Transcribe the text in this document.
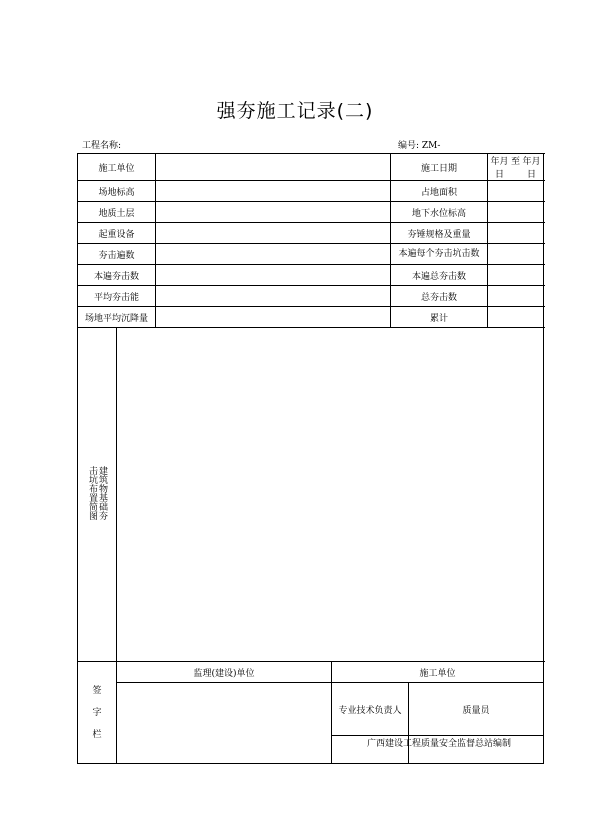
强夯施工记录(二)
工程名称:	编号: ZM-
施工单位				施工日期		年月日
至 年月日	

场地标高				占地面积			
地质土层				地下水位标高			
起重设备				夯锤规格及重量			
夯击遍数				本遍每个夯击坑击数			
本遍夯击数				本遍总夯击数			
平均夯击能				总夯击数			
场地平均沉降量				累计			
建筑物基础夯击坑布置简图							

签
字
栏	监理(建设)单位		施工单位				
			专业技术负责人		质量员	

广西建设工程质量安全监督总站编制
